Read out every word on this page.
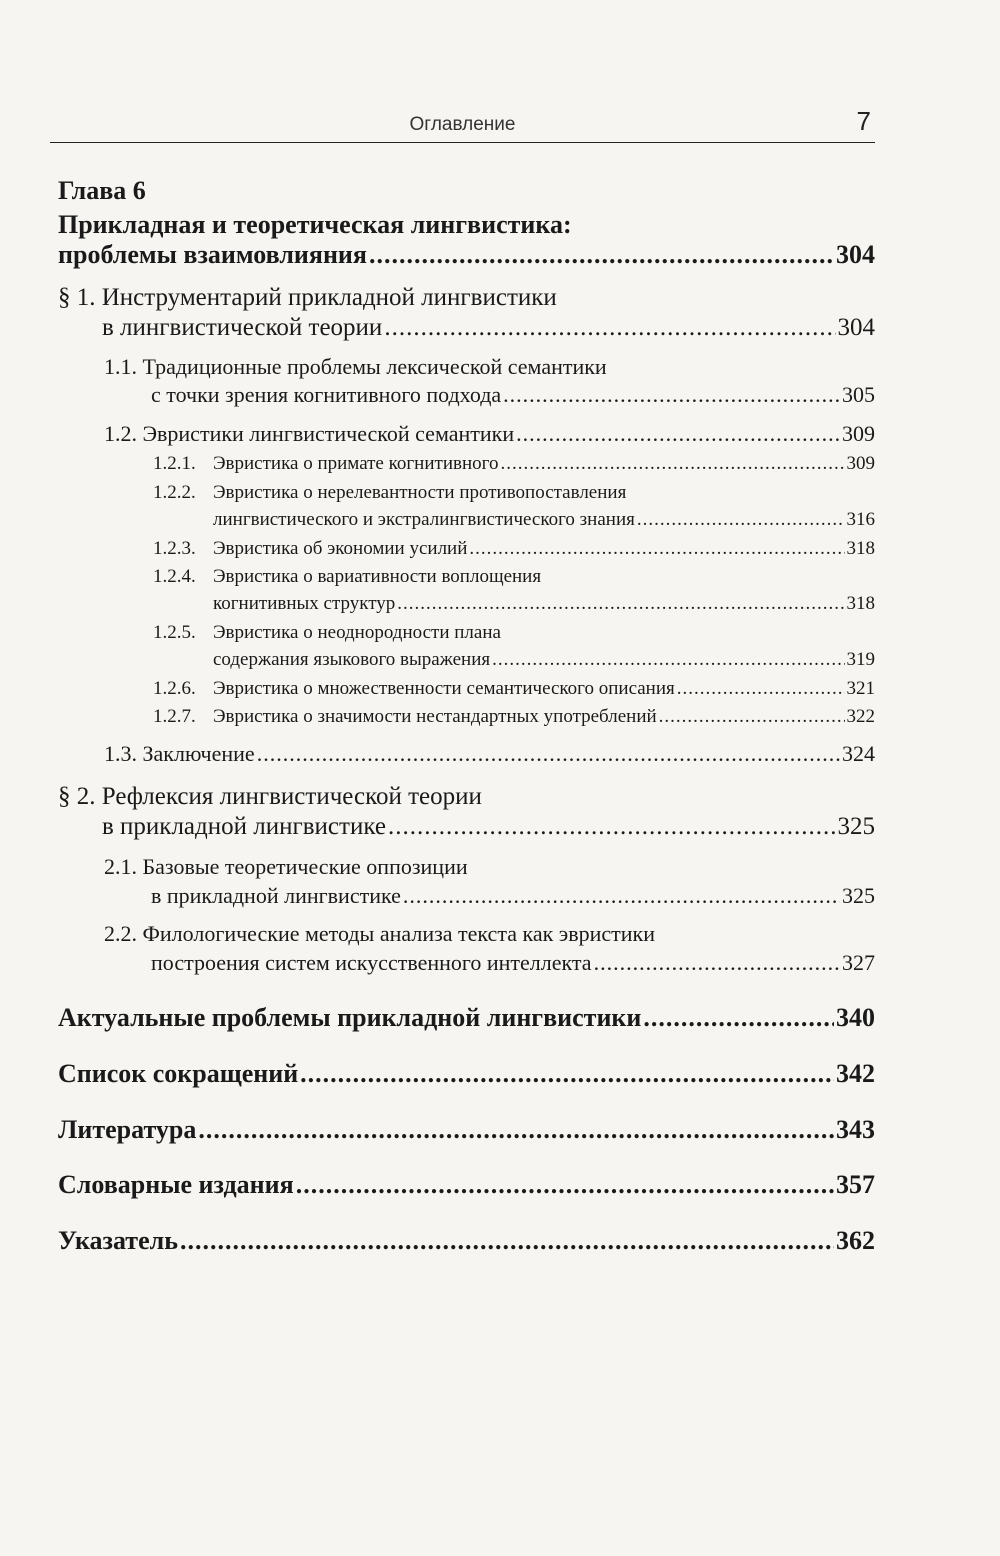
Оглавление	7
Глава 6
Прикладная и теоретическая лингвистика:
проблемы взаимовлияния .....	304
§ 1. Инструментарий прикладной лингвистики
в лингвистической теории .....	304
1.1. Традиционные проблемы лексической семантики
с точки зрения когнитивного подхода .....	305
1.2. Эвристики лингвистической семантики .....	309
1.2.1. Эвристика о примате когнитивного .....	309
1.2.2. Эвристика о нерелевантности противопоставления
лингвистического и экстралингвистического знания .....	316
1.2.3. Эвристика об экономии усилий .....	318
1.2.4. Эвристика о вариативности воплощения
когнитивных структур .....	318
1.2.5. Эвристика о неоднородности плана
содержания языкового выражения .....	319
1.2.6. Эвристика о множественности семантического описания .....	321
1.2.7. Эвристика о значимости нестандартных употреблений .....	322
1.3. Заключение .....	324
§ 2. Рефлексия лингвистической теории
в прикладной лингвистике .....	325
2.1. Базовые теоретические оппозиции
в прикладной лингвистике .....	325
2.2. Филологические методы анализа текста как эвристики
построения систем искусственного интеллекта .....	327
Актуальные проблемы прикладной лингвистики .....	340
Список сокращений .....	342
Литература .....	343
Словарные издания .....	357
Указатель .....	362
